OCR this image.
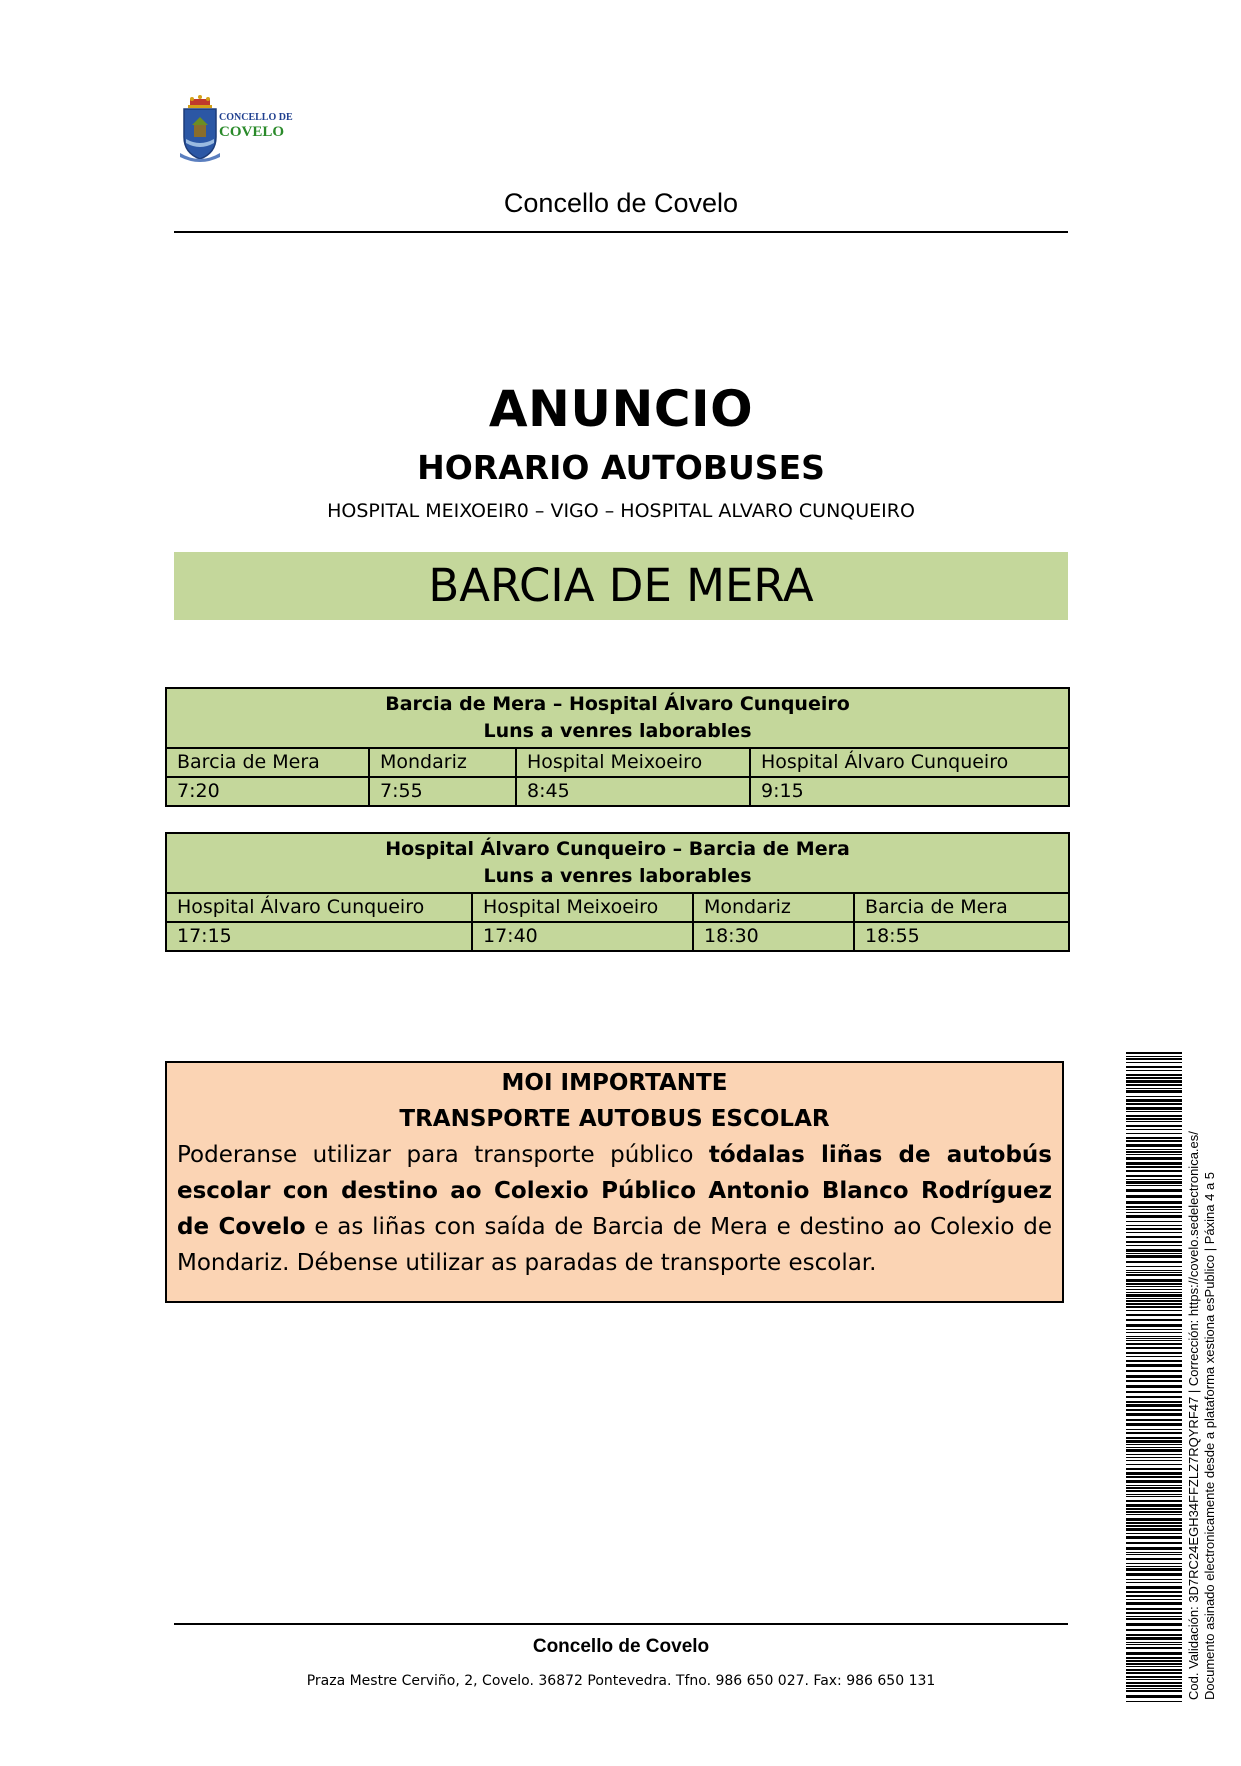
CONCELLO DE
COVELO
Concello de Covelo
ANUNCIO
HORARIO AUTOBUSES
HOSPITAL MEIXOEIR0 – VIGO – HOSPITAL ALVARO CUNQUEIRO
BARCIA DE MERA
Barcia de Mera – Hospital Álvaro Cunqueiro
Luns a venres laborables			

Barcia de Mera	Mondariz	Hospital Meixoeiro	Hospital Álvaro Cunqueiro
7:20	7:55	8:45	9:15
Hospital Álvaro Cunqueiro – Barcia de Mera
Luns a venres laborables			

Hospital Álvaro Cunqueiro	Hospital Meixoeiro	Mondariz	Barcia de Mera
17:15	17:40	18:30	18:55
MOI IMPORTANTE
TRANSPORTE AUTOBUS ESCOLAR
Poderanse utilizar para transporte público tódalas liñas de autobús escolar con destino ao Colexio Público Antonio Blanco Rodríguez de Covelo e as liñas con saída de Barcia de Mera e destino ao Colexio de Mondariz. Débense utilizar as paradas de transporte escolar.
Concello de Covelo
Praza Mestre Cerviño, 2, Covelo. 36872 Pontevedra. Tfno. 986 650 027. Fax: 986 650 131	Cod. Validación: 3D7RC24EGH34FFZLZ7RQYRF47 | Corrección: https://covelo.sedelectronica.es/ Documento asinado electronicamente desde a plataforma xestiona esPublico | Páxina 4 a 5
